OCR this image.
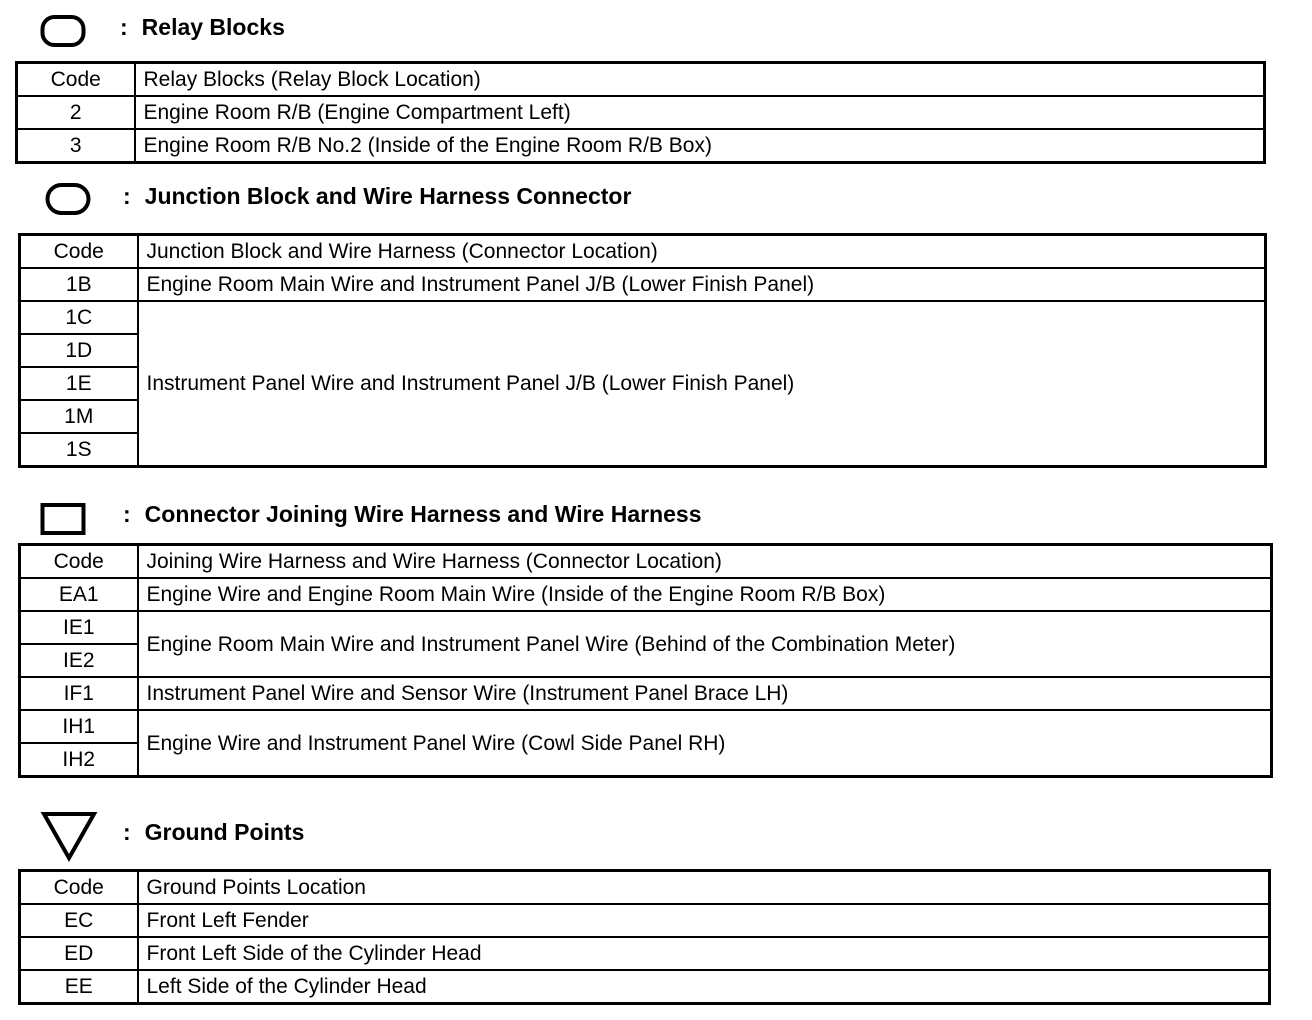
: Relay Blocks
Code	Relay Blocks (Relay Block Location)
2	Engine Room R/B (Engine Compartment Left)
3	Engine Room R/B No.2 (Inside of the Engine Room R/B Box)
: Junction Block and Wire Harness Connector
Code	Junction Block and Wire Harness (Connector Location)
1B	Engine Room Main Wire and Instrument Panel J/B (Lower Finish Panel)
1C	Instrument Panel Wire and Instrument Panel J/B (Lower Finish Panel)
1D	
1E	
1M	
1S	
: Connector Joining Wire Harness and Wire Harness
Code	Joining Wire Harness and Wire Harness (Connector Location)
EA1	Engine Wire and Engine Room Main Wire (Inside of the Engine Room R/B Box)
IE1	Engine Room Main Wire and Instrument Panel Wire (Behind of the Combination Meter)
IE2	
IF1	Instrument Panel Wire and Sensor Wire (Instrument Panel Brace LH)
IH1	Engine Wire and Instrument Panel Wire (Cowl Side Panel RH)
IH2	
: Ground Points
Code	Ground Points Location
EC	Front Left Fender
ED	Front Left Side of the Cylinder Head
EE	Left Side of the Cylinder Head
